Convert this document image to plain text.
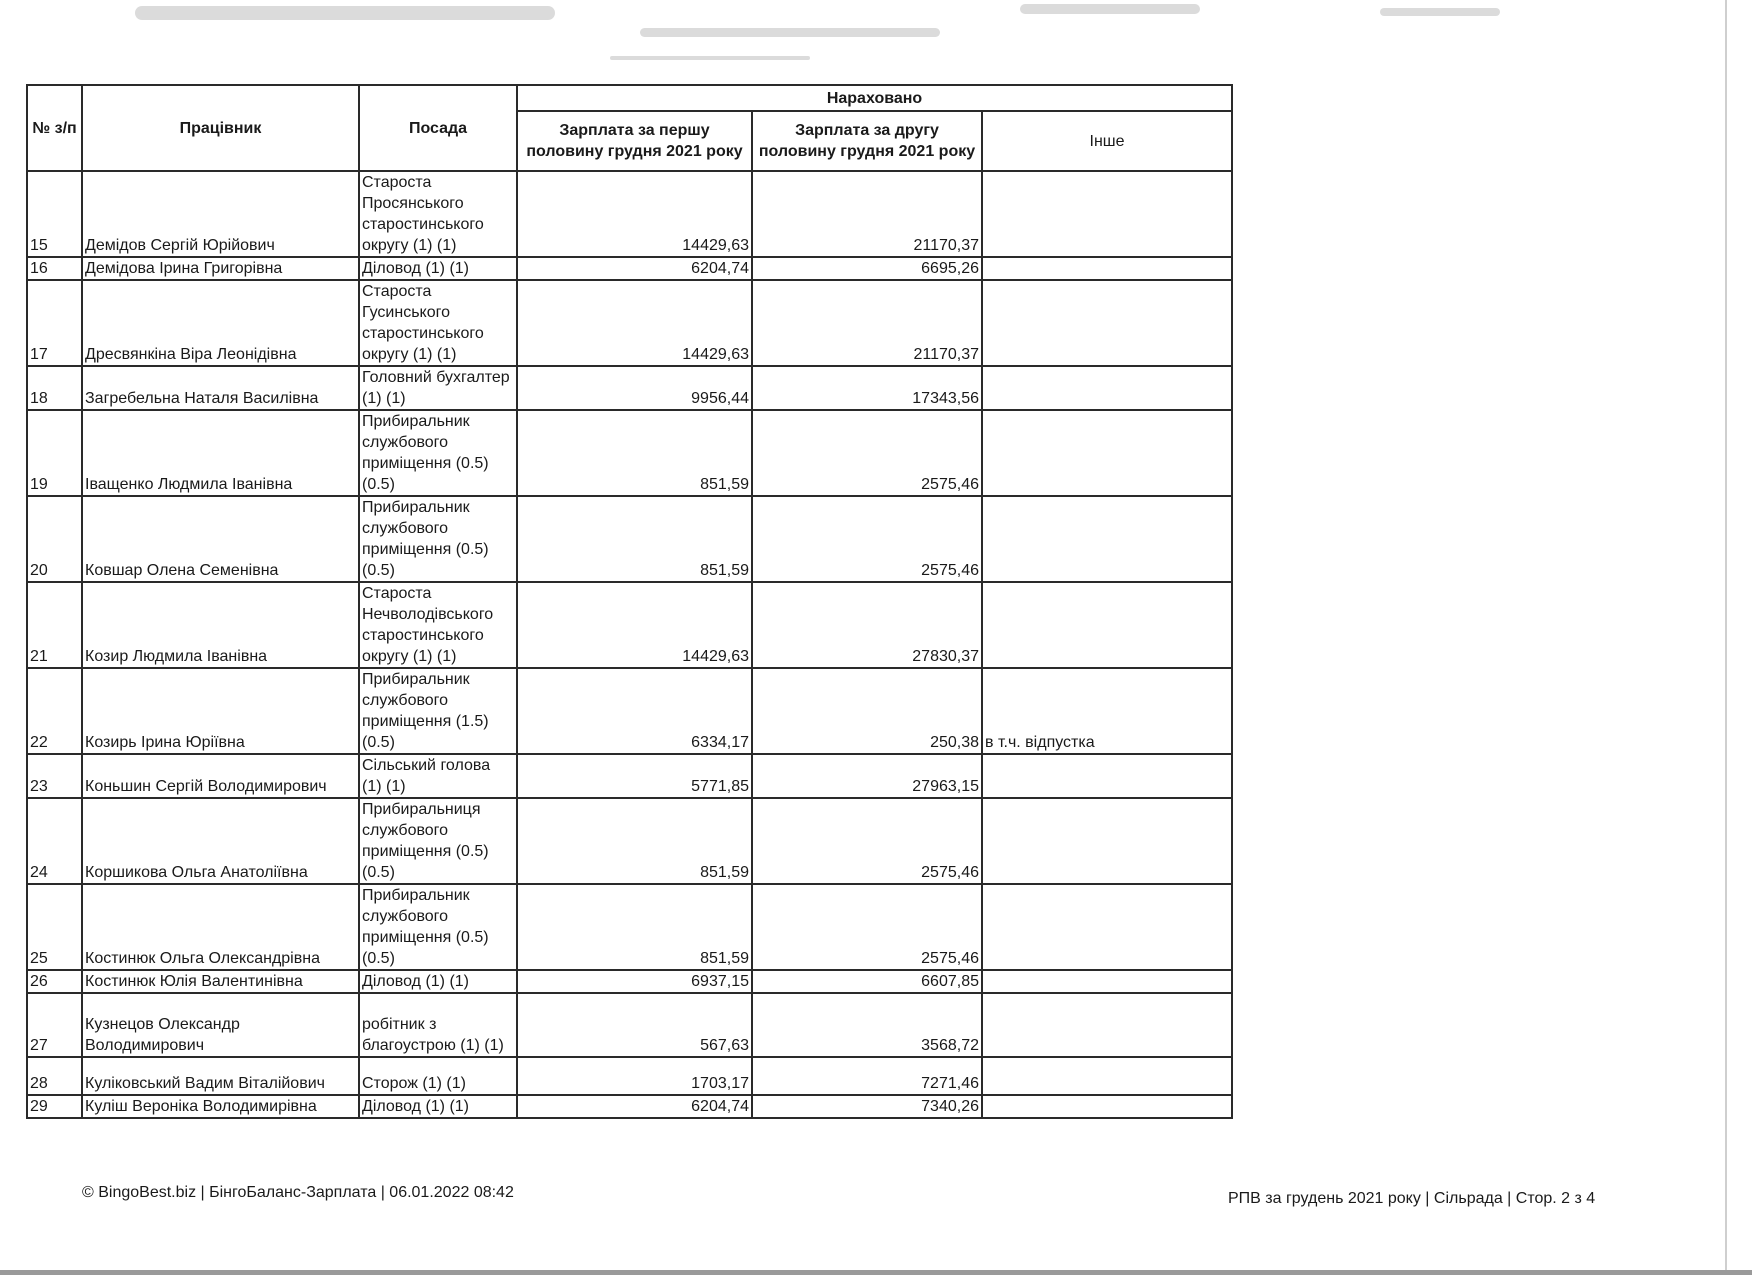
№ з/п	Працівник	Посада	Нараховано		
			Зарплата за першу половину грудня 2021 року	Зарплата за другу половину грудня 2021 року	Інше
15	Демідов Сергій Юрійович	Староста Просянського старостинського округу (1) (1)	14429,63	21170,37	
16	Демідова Ірина Григорівна	Діловод (1) (1)	6204,74	6695,26	
17	Дресвянкіна Віра Леонідівна	Староста Гусинського старостинського округу (1) (1)	14429,63	21170,37	
18	Загребельна Наталя Василівна	Головний бухгалтер (1) (1)	9956,44	17343,56	
19	Іващенко Людмила Іванівна	Прибиральник службового приміщення (0.5) (0.5)	851,59	2575,46	
20	Ковшар Олена Семенівна	Прибиральник службового приміщення (0.5) (0.5)	851,59	2575,46	
21	Козир Людмила Іванівна	Староста Нечволодівського старостинського округу (1) (1)	14429,63	27830,37	
22	Козирь Ірина Юріївна	Прибиральник службового приміщення (1.5) (0.5)	6334,17	250,38	в т.ч. відпустка
23	Коньшин Сергій Володимирович	Сільський голова (1) (1)	5771,85	27963,15	
24	Коршикова Ольга Анатоліївна	Прибиральниця службового приміщення (0.5) (0.5)	851,59	2575,46	
25	Костинюк Ольга Олександрівна	Прибиральник службового приміщення (0.5) (0.5)	851,59	2575,46	
26	Костинюк Юлія Валентинівна	Діловод (1) (1)	6937,15	6607,85	
27	Кузнецов Олександр Володимирович	робітник з благоустрою (1) (1)	567,63	3568,72	
28	Куліковський Вадим Віталійович	Сторож (1) (1)	1703,17	7271,46	
29	Куліш Вероніка Володимирівна	Діловод (1) (1)	6204,74	7340,26	
© BingoBest.biz | БінгоБаланс-Зарплата | 06.01.2022 08:42	РПВ за грудень 2021 року | Сільрада | Стор. 2 з 4
